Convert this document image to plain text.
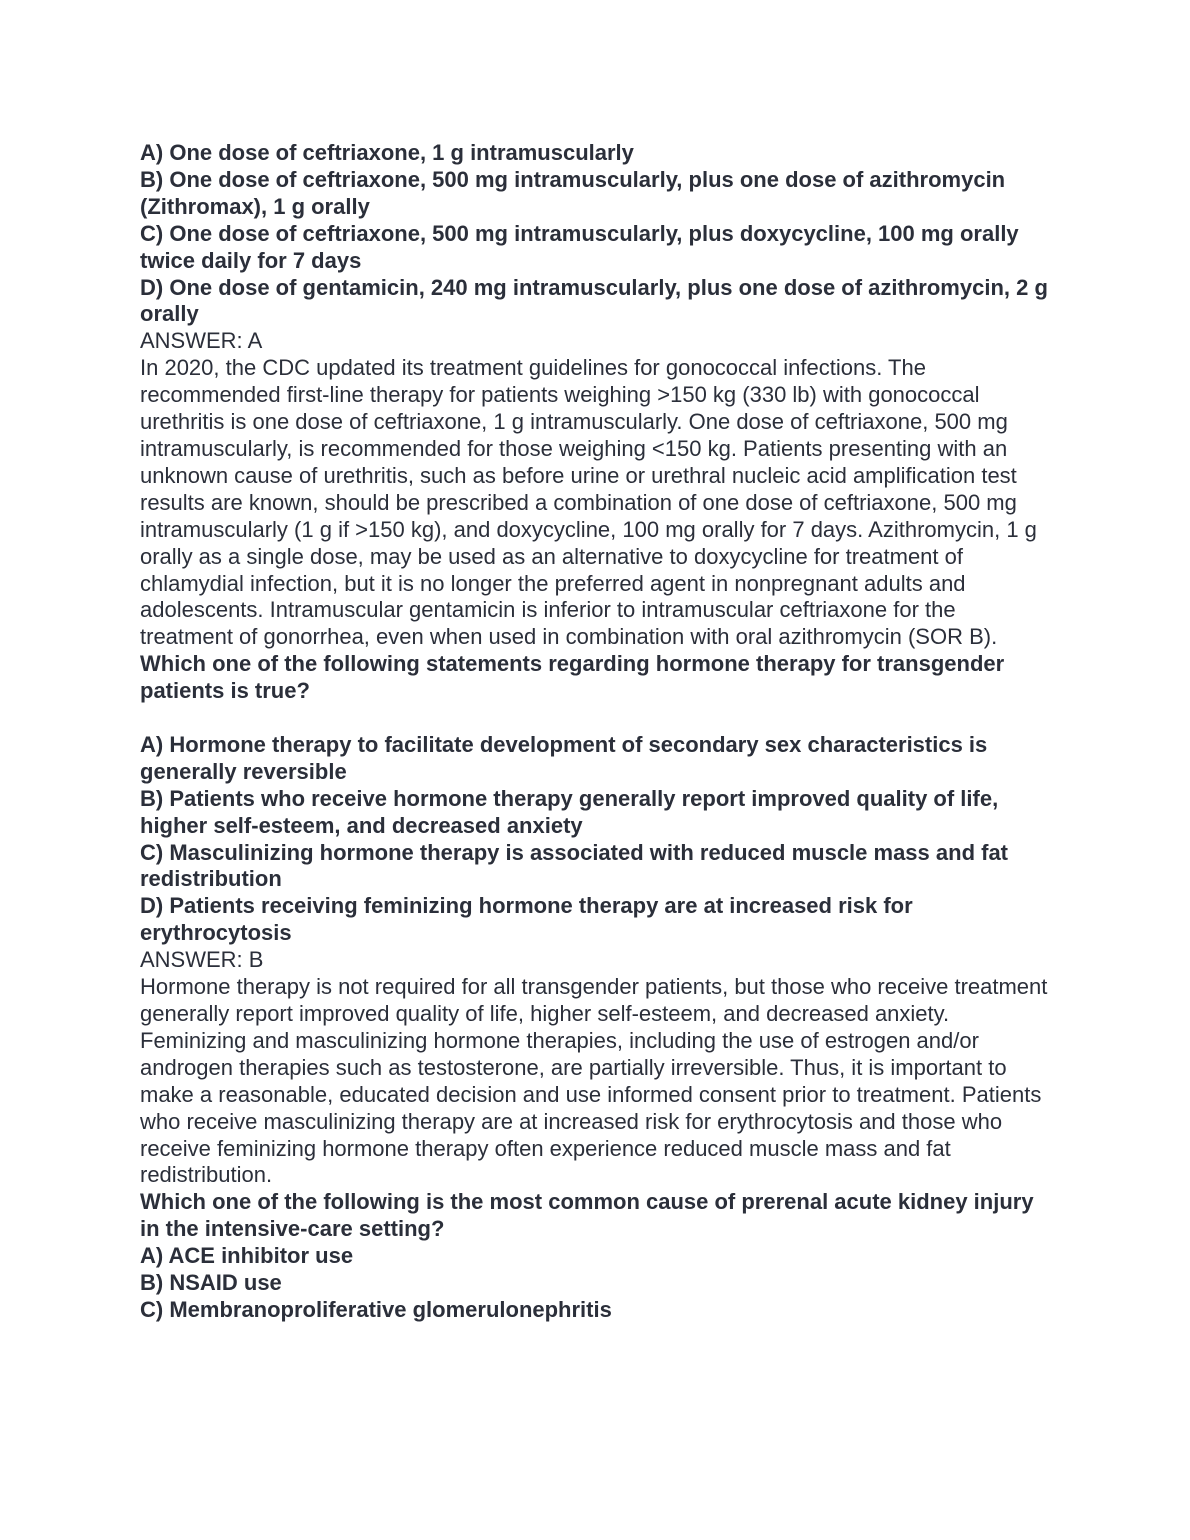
A) One dose of ceftriaxone, 1 g intramuscularly

B) One dose of ceftriaxone, 500 mg intramuscularly, plus one dose of azithromycin (Zithromax), 1 g orally

C) One dose of ceftriaxone, 500 mg intramuscularly, plus doxycycline, 100 mg orally twice daily for 7 days

D) One dose of gentamicin, 240 mg intramuscularly, plus one dose of azithromycin, 2 g orally

ANSWER: A

In 2020, the CDC updated its treatment guidelines for gonococcal infections. The recommended first-line therapy for patients weighing >150 kg (330 lb) with gonococcal urethritis is one dose of ceftriaxone, 1 g intramuscularly. One dose of ceftriaxone, 500 mg intramuscularly, is recommended for those weighing <150 kg. Patients presenting with an unknown cause of urethritis, such as before urine or urethral nucleic acid amplification test results are known, should be prescribed a combination of one dose of ceftriaxone, 500 mg intramuscularly (1 g if >150 kg), and doxycycline, 100 mg orally for 7 days. Azithromycin, 1 g orally as a single dose, may be used as an alternative to doxycycline for treatment of chlamydial infection, but it is no longer the preferred agent in nonpregnant adults and adolescents. Intramuscular gentamicin is inferior to intramuscular ceftriaxone for the treatment of gonorrhea, even when used in combination with oral azithromycin (SOR B).

Which one of the following statements regarding hormone therapy for transgender patients is true?

A) Hormone therapy to facilitate development of secondary sex characteristics is generally reversible

B) Patients who receive hormone therapy generally report improved quality of life, higher self-esteem, and decreased anxiety

C) Masculinizing hormone therapy is associated with reduced muscle mass and fat redistribution

D) Patients receiving feminizing hormone therapy are at increased risk for erythrocytosis

ANSWER: B

Hormone therapy is not required for all transgender patients, but those who receive treatment generally report improved quality of life, higher self-esteem, and decreased anxiety. Feminizing and masculinizing hormone therapies, including the use of estrogen and/or androgen therapies such as testosterone, are partially irreversible. Thus, it is important to make a reasonable, educated decision and use informed consent prior to treatment. Patients who receive masculinizing therapy are at increased risk for erythrocytosis and those who receive feminizing hormone therapy often experience reduced muscle mass and fat redistribution.

Which one of the following is the most common cause of prerenal acute kidney injury in the intensive-care setting?

A) ACE inhibitor use

B) NSAID use

C) Membranoproliferative glomerulonephritis
